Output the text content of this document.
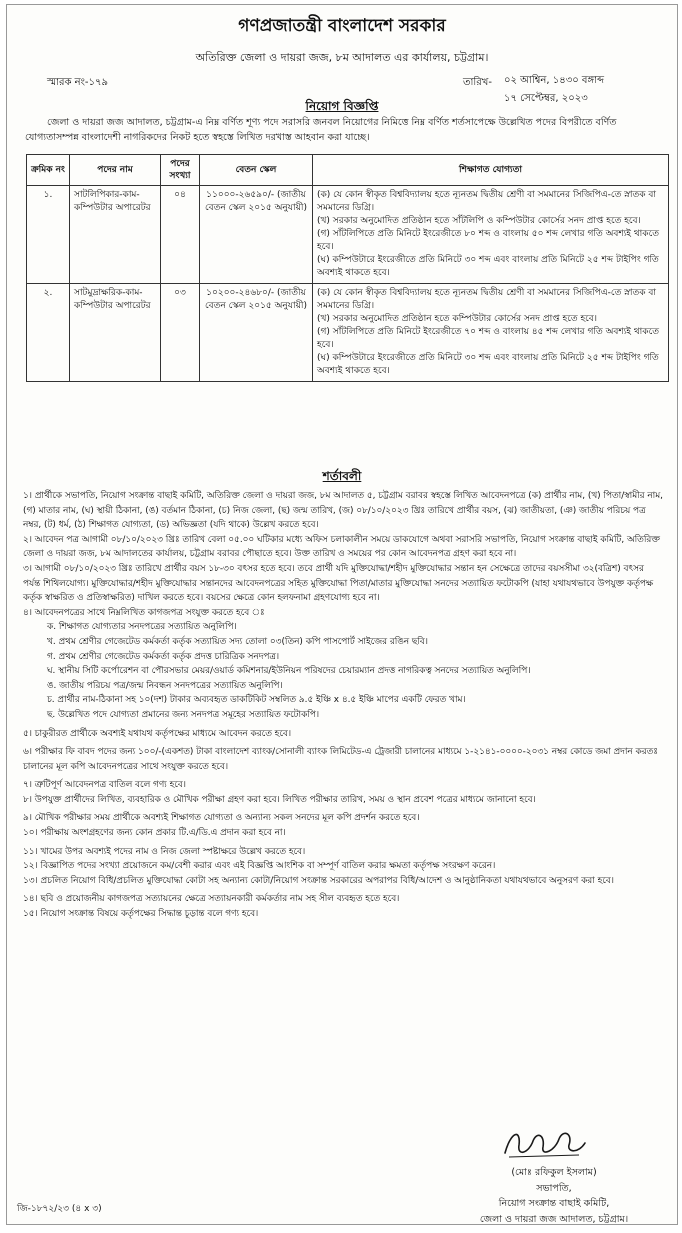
গণপ্রজাতন্ত্রী বাংলাদেশ সরকার
অতিরিক্ত জেলা ও দায়রা জজ, ৮ম আদালত এর কার্যালয়, চট্টগ্রাম।
স্মারক নং-১৭৯	তারিখ- ০২ আশ্বিন, ১৪৩০ বঙ্গাব্দ
১৭ সেপ্টেম্বর, ২০২৩
নিয়োগ বিজ্ঞপ্তি
জেলা ও দায়রা জজ আদালত, চট্টগ্রাম-এ নিম্ন বর্ণিত শূণ্য পদে সরাসরি জনবল নিয়োগের নিমিত্তে নিম্ন বর্ণিত শর্তসাপেক্ষে উল্লেখিত পদের বিপরীতে বর্ণিত যোগ্যতাসম্পন্ন বাংলাদেশী নাগরিকদের নিকট হতে স্বহস্তে লিখিত দরখাস্ত আহবান করা যাচ্ছে।
ক্রমিক নং	পদের নাম	পদের সংখ্যা	বেতন স্কেল	শিক্ষাগত যোগ্যতা
১.	সাটলিপিকার-কাম-কম্পিউটার অপারেটর	০৪	১১০০০-২৬৫৯০/- (জাতীয় বেতন স্কেল ২০১৫ অনুযায়ী)	(ক) যে কোন স্বীকৃত বিশ্ববিদ্যালয় হতে ন্যূনতম দ্বিতীয় শ্রেণী বা সমমানের সিজিপিএ-তে স্নাতক বা সমমানের ডিগ্রি।
(খ) সরকার অনুমোদিত প্রতিষ্ঠান হতে সাঁটলিপি ও কম্পিউটার কোর্সের সনদ প্রাপ্ত হতে হবে।
(গ) সাঁটলিপিতে প্রতি মিনিটে ইংরেজীতে ৮০ শব্দ ও বাংলায় ৫০ শব্দ লেখার গতি অবশ্যই থাকতে হবে।
(ঘ) কম্পিউটারে ইংরেজীতে প্রতি মিনিটে ৩০ শব্দ এবং বাংলায় প্রতি মিনিটে ২৫ শব্দ টাইপিং গতি অবশ্যই থাকতে হবে।

২.	সাটমুদ্রাক্ষরিক-কাম-কম্পিউটার অপারেটর	০৩	১০২০০-২৪৬৮০/- (জাতীয় বেতন স্কেল ২০১৫ অনুযায়ী)	(ক) যে কোন স্বীকৃত বিশ্ববিদ্যালয় হতে ন্যূনতম দ্বিতীয় শ্রেণী বা সমমানের সিজিপিএ-তে স্নাতক বা সমমানের ডিগ্রি।
(খ) সরকার অনুমোদিত প্রতিষ্ঠান হতে কম্পিউটার কোর্সের সনদ প্রাপ্ত হতে হবে।
(গ) সাঁটলিপিতে প্রতি মিনিটে ইংরেজীতে ৭০ শব্দ ও বাংলায় ৪৫ শব্দ লেখার গতি অবশ্যই থাকতে হবে।
(ঘ) কম্পিউটারে ইংরেজীতে প্রতি মিনিটে ৩০ শব্দ এবং বাংলায় প্রতি মিনিটে ২৫ শব্দ টাইপিং গতি অবশ্যই থাকতে হবে।
শর্তাবলী
১। প্রার্থীকে সভাপতি, নিয়োগ সংক্রান্ত বাছাই কমিটি, অতিরিক্ত জেলা ও দায়রা জজ, ৮ম আদালত ৫, চট্টগ্রাম বরাবর স্বহস্তে লিখিত আবেদনপত্রে (ক) প্রার্থীর নাম, (খ) পিতা/স্বামীর নাম, (গ) মাতার নাম, (ঘ) স্থায়ী ঠিকানা, (ঙ) বর্তমান ঠিকানা, (চ) নিজ জেলা, (ছ) জন্ম তারিখ, (জ) ০৮/১০/২০২৩ খ্রিঃ তারিখে প্রার্থীর বয়স, (ঝ) জাতীয়তা, (ঞ) জাতীয় পরিচয় পত্র নম্বর, (ট) ধর্ম, (ঠ) শিক্ষাগত যোগ্যতা, (ড) অভিজ্ঞতা (যদি থাকে) উল্লেখ করতে হবে।
২। আবেদন পত্র আগামী ০৮/১০/২০২৩ খ্রিঃ তারিখ বেলা ০৫.০০ ঘটিকার মধ্যে অফিস চলাকালীন সময়ে ডাকযোগে অথবা সরাসরি সভাপতি, নিয়োগ সংক্রান্ত বাছাই কমিটি, অতিরিক্ত জেলা ও দায়রা জজ, ৮ম আদালতের কার্যালয়, চট্টগ্রাম বরাবর পৌছাতে হবে। উক্ত তারিখ ও সময়ের পর কোন আবেদনপত্র গ্রহণ করা হবে না।
৩। আগামী ০৮/১০/২০২৩ খ্রিঃ তারিখে প্রার্থীর বয়স ১৮-৩০ বৎসর হতে হবে। তবে প্রার্থী যদি মুক্তিযোদ্ধা/শহীদ মুক্তিযোদ্ধার সন্তান হন সেক্ষেত্রে তাদের বয়সসীমা ৩২(বত্রিশ) বৎসর পর্যন্ত শিথিলযোগ্য। মুক্তিযোদ্ধার/শহীদ মুক্তিযোদ্ধার সন্তানদের আবেদনপত্রের সহিত মুক্তিযোদ্ধা পিতা/মাতার মুক্তিযোদ্ধা সনদের সত্যায়িত ফটোকপি (যাহা যথাযথভাবে উপযুক্ত কর্তৃপক্ষ কর্তৃক স্বাক্ষরিত ও প্রতিস্বাক্ষরিত) দাখিল করতে হবে। বয়সের ক্ষেত্রে কোন হলফনামা গ্রহণযোগ্য হবে না।
৪। আবেদনপত্রের সাথে নিম্নলিখিত কাগজপত্র সংযুক্ত করতে হবে ঃ
ক. শিক্ষাগত যোগ্যতার সনদপত্রের সত্যায়িত অনুলিপি।
খ. প্রথম শ্রেণীর গেজেটেড কর্মকর্তা কর্তৃক সত্যায়িত সদ্য তোলা ০৩(তিন) কপি পাসপোর্ট সাইজের রঙিন ছবি।
গ. প্রথম শ্রেণীর গেজেটেড কর্মকর্তা কর্তৃক প্রদত্ত চারিত্রিক সনদপত্র।
ঘ. স্থানীয় সিটি কর্পোরেশন বা পৌরসভার মেয়র/ওয়ার্ড কমিশনার/ইউনিয়ন পরিষদের চেয়ারম্যান প্রদত্ত নাগরিকত্ব সনদের সত্যায়িত অনুলিপি।
ঙ. জাতীয় পরিচয় পত্র/জন্ম নিবন্ধন সনদপত্রের সত্যায়িত অনুলিপি।
চ. প্রার্থীর নাম-ঠিকানা সহ ১০(দশ) টাকার অব্যবহৃত ডাকটিকিট সম্বলিত ৯.৫ ইঞ্চি x ৪.৫ ইঞ্চি মাপের একটি ফেরত খাম।
ছ. উল্লেখিত পদে যোগ্যতা প্রমানের জন্য সনদপত্র সমূহের সত্যায়িত ফটোকপি।
৫। চাকুরীরত প্রার্থীকে অবশ্যই যথাযথ কর্তৃপক্ষের মাধ্যমে আবেদন করতে হবে।
৬। পরীক্ষার ফি বাবদ পদের জন্য ১০০/-(একশত) টাকা বাংলাদেশ ব্যাংক/সোনালী ব্যাংক লিমিটেড-এ ট্রেজারী চালানের মাধ্যমে ১-২১৪১-০০০০-২০৩১ নম্বর কোডে জমা প্রদান করতঃ চালানের মূল কপি আবেদনপত্রের সাথে সংযুক্ত করতে হবে।
৭। ত্রুটিপূর্ণ আবেদনপত্র বাতিল বলে গণ্য হবে।
৮। উপযুক্ত প্রার্থীদের লিখিত, ব্যবহারিক ও মৌখিক পরীক্ষা গ্রহণ করা হবে। লিখিত পরীক্ষার তারিখ, সময় ও স্থান প্রবেশ পত্রের মাধ্যমে জানানো হবে।
৯। মৌখিক পরীক্ষার সময় প্রার্থীকে অবশ্যই শিক্ষাগত যোগ্যতা ও অন্যান্য সকল সনদের মূল কপি প্রদর্শন করতে হবে।
১০। পরীক্ষায় অংশগ্রহণের জন্য কোন প্রকার টি.এ/ডি.এ প্রদান করা হবে না।
১১। খামের উপর অবশ্যই পদের নাম ও নিজ জেলা স্পষ্টাক্ষরে উল্লেখ করতে হবে।
১২। বিজ্ঞাপিত পদের সংখ্যা প্রয়োজনে কম/বেশী করার এবং এই বিজ্ঞপ্তি আংশিক বা সম্পূর্ণ বাতিল করার ক্ষমতা কর্তৃপক্ষ সংরক্ষণ করেন।
১৩। প্রচলিত নিয়োগ বিধি/প্রচলিত মুক্তিযোদ্ধা কোটা সহ অন্যান্য কোটা/নিয়োগ সংক্রান্ত সরকারের অপরাপর বিধি/আদেশ ও আনুষ্ঠানিকতা যথাযথভাবে অনুসরণ করা হবে।
১৪। ছবি ও প্রয়োজনীয় কাগজপত্র সত্যায়নের ক্ষেত্রে সত্যায়নকারী কর্মকর্তার নাম সহ সীল ব্যবহৃত হতে হবে।
১৫। নিয়োগ সংক্রান্ত বিষয়ে কর্তৃপক্ষের সিদ্ধান্ত চূড়ান্ত বলে গণ্য হবে।
(মোঃ রফিকুল ইসলাম)
সভাপতি,
নিয়োগ সংক্রান্ত বাছাই কমিটি,
জেলা ও দায়রা জজ আদালত, চট্টগ্রাম।
জি-১৮৭২/২৩ (৪ x ৩)
